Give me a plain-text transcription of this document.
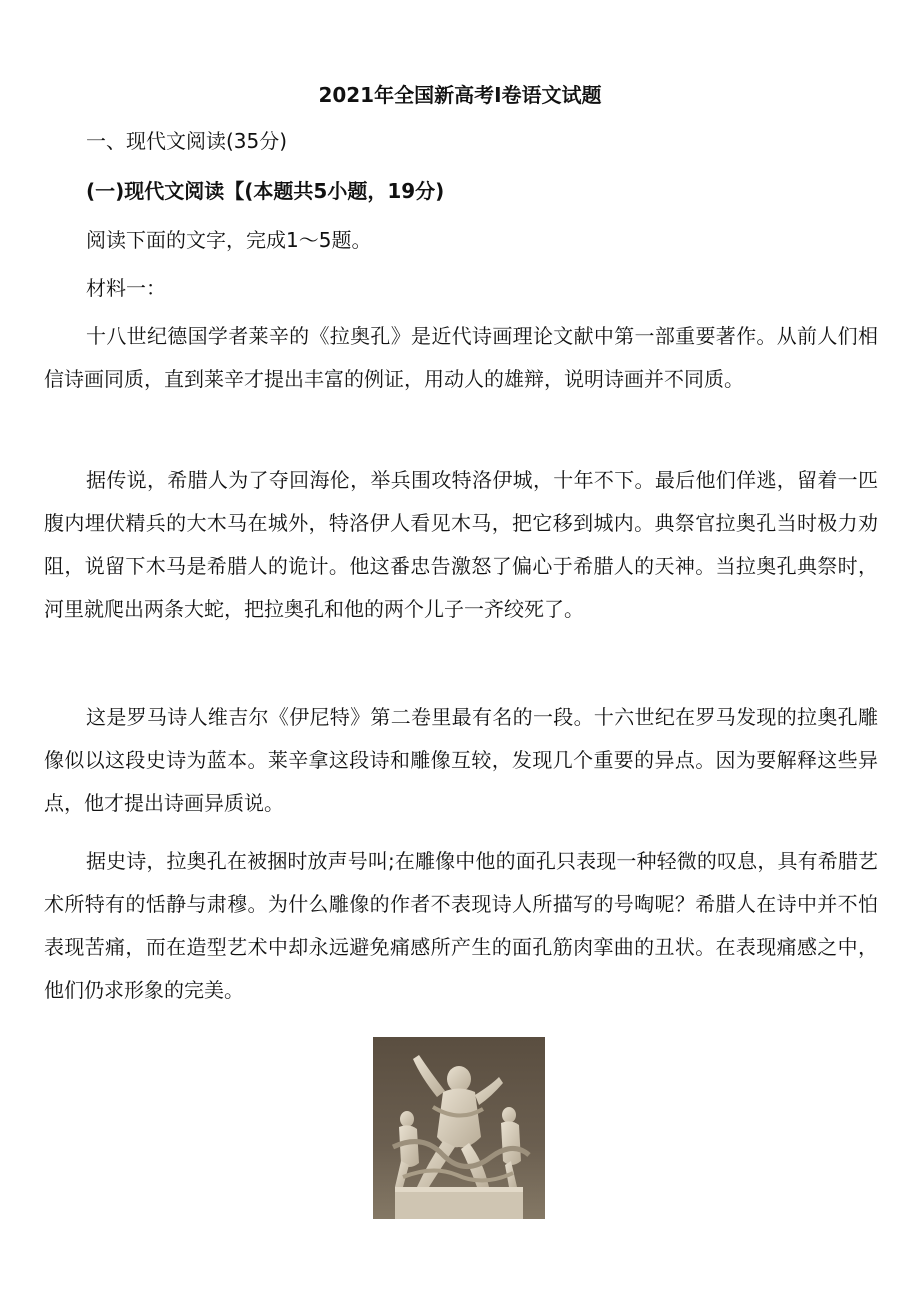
2021年全国新高考Ⅰ卷语文试题

一、现代文阅读(35分)

(一)现代文阅读【(本题共5小题，19分)

阅读下面的文字，完成1～5题。

材料一：

十八世纪德国学者莱辛的《拉奥孔》是近代诗画理论文献中第一部重要著作。从前人们相信诗画同质，直到莱辛才提出丰富的例证，用动人的雄辩，说明诗画并不同质。

据传说，希腊人为了夺回海伦，举兵围攻特洛伊城，十年不下。最后他们佯逃，留着一匹腹内埋伏精兵的大木马在城外，特洛伊人看见木马，把它移到城内。典祭官拉奥孔当时极力劝阻，说留下木马是希腊人的诡计。他这番忠告激怒了偏心于希腊人的天神。当拉奥孔典祭时，河里就爬出两条大蛇，把拉奥孔和他的两个儿子一齐绞死了。

这是罗马诗人维吉尔《伊尼特》第二卷里最有名的一段。十六世纪在罗马发现的拉奥孔雕像似以这段史诗为蓝本。莱辛拿这段诗和雕像互较，发现几个重要的异点。因为要解释这些异点，他才提出诗画异质说。

据史诗，拉奥孔在被捆时放声号叫;在雕像中他的面孔只表现一种轻微的叹息，具有希腊艺术所特有的恬静与肃穆。为什么雕像的作者不表现诗人所描写的号啕呢？希腊人在诗中并不怕表现苦痛，而在造型艺术中却永远避免痛感所产生的面孔筋肉挛曲的丑状。在表现痛感之中，他们仍求形象的完美。
